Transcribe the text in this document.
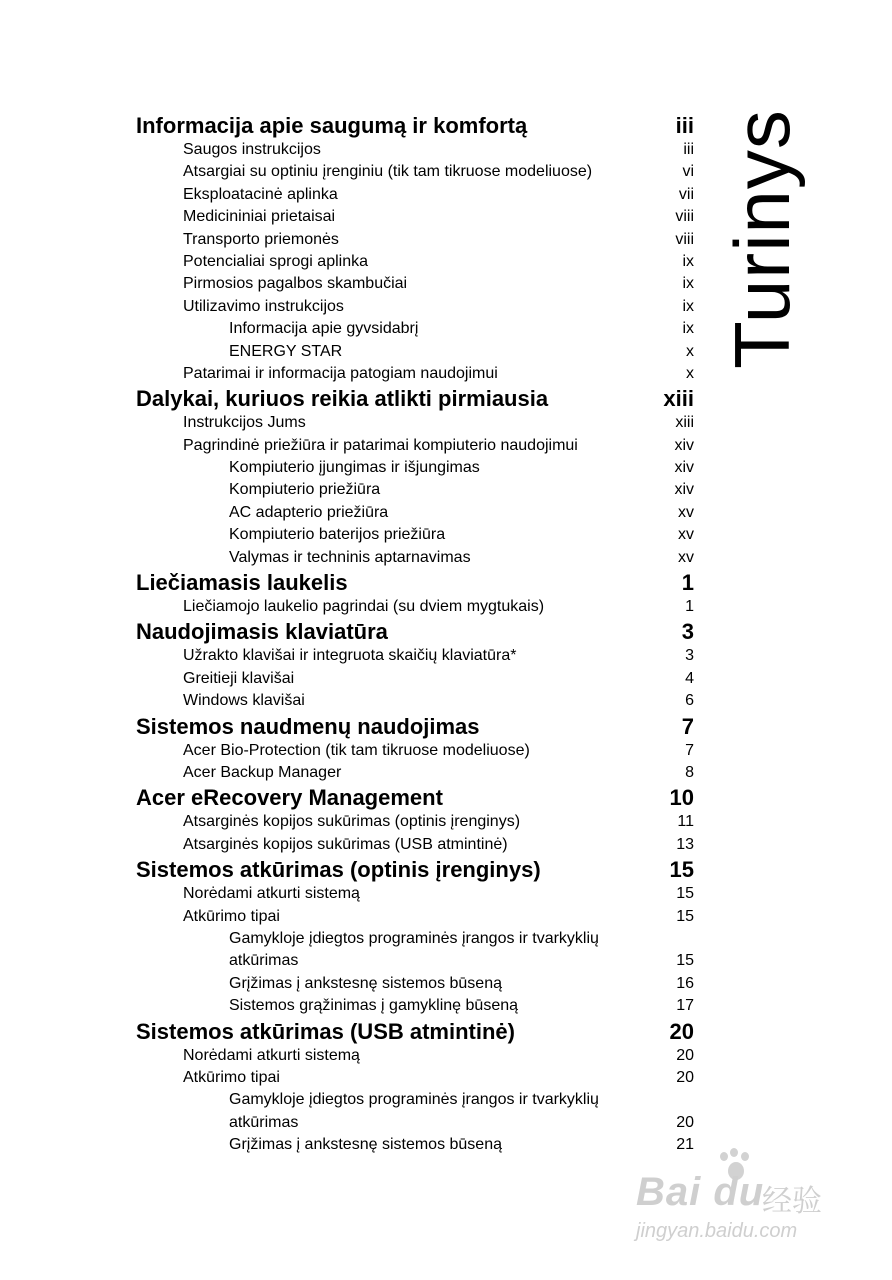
Turinys
Informacija apie saugumą ir komfortą	iii
Saugos instrukcijos	iii
Atsargiai su optiniu įrenginiu (tik tam tikruose modeliuose)	vi
Eksploatacinė aplinka	vii
Medicininiai prietaisai	viii
Transporto priemonės	viii
Potencialiai sprogi aplinka	ix
Pirmosios pagalbos skambučiai	ix
Utilizavimo instrukcijos	ix
Informacija apie gyvsidabrį	ix
ENERGY STAR	x
Patarimai ir informacija patogiam naudojimui	x
Dalykai, kuriuos reikia atlikti pirmiausia	xiii
Instrukcijos Jums	xiii
Pagrindinė priežiūra ir patarimai kompiuterio naudojimui	xiv
Kompiuterio įjungimas ir išjungimas	xiv
Kompiuterio priežiūra	xiv
AC adapterio priežiūra	xv
Kompiuterio baterijos priežiūra	xv
Valymas ir techninis aptarnavimas	xv
Liečiamasis laukelis	1
Liečiamojo laukelio pagrindai (su dviem mygtukais)	1
Naudojimasis klaviatūra	3
Užrakto klavišai ir integruota skaičių klaviatūra*	3
Greitieji klavišai	4
Windows klavišai	6
Sistemos naudmenų naudojimas	7
Acer Bio-Protection (tik tam tikruose modeliuose)	7
Acer Backup Manager	8
Acer eRecovery Management	10
Atsarginės kopijos sukūrimas (optinis įrenginys)	11
Atsarginės kopijos sukūrimas (USB atmintinė)	13
Sistemos atkūrimas (optinis įrenginys)	15
Norėdami atkurti sistemą	15
Atkūrimo tipai	15
Gamykloje įdiegtos programinės įrangos ir tvarkyklių atkūrimas	15
Grįžimas į ankstesnę sistemos būseną	16
Sistemos grąžinimas į gamyklinę būseną	17
Sistemos atkūrimas (USB atmintinė)	20
Norėdami atkurti sistemą	20
Atkūrimo tipai	20
Gamykloje įdiegtos programinės įrangos ir tvarkyklių atkūrimas	20
Grįžimas į ankstesnę sistemos būseną	21
Bai du
经验
jingyan.baidu.com
